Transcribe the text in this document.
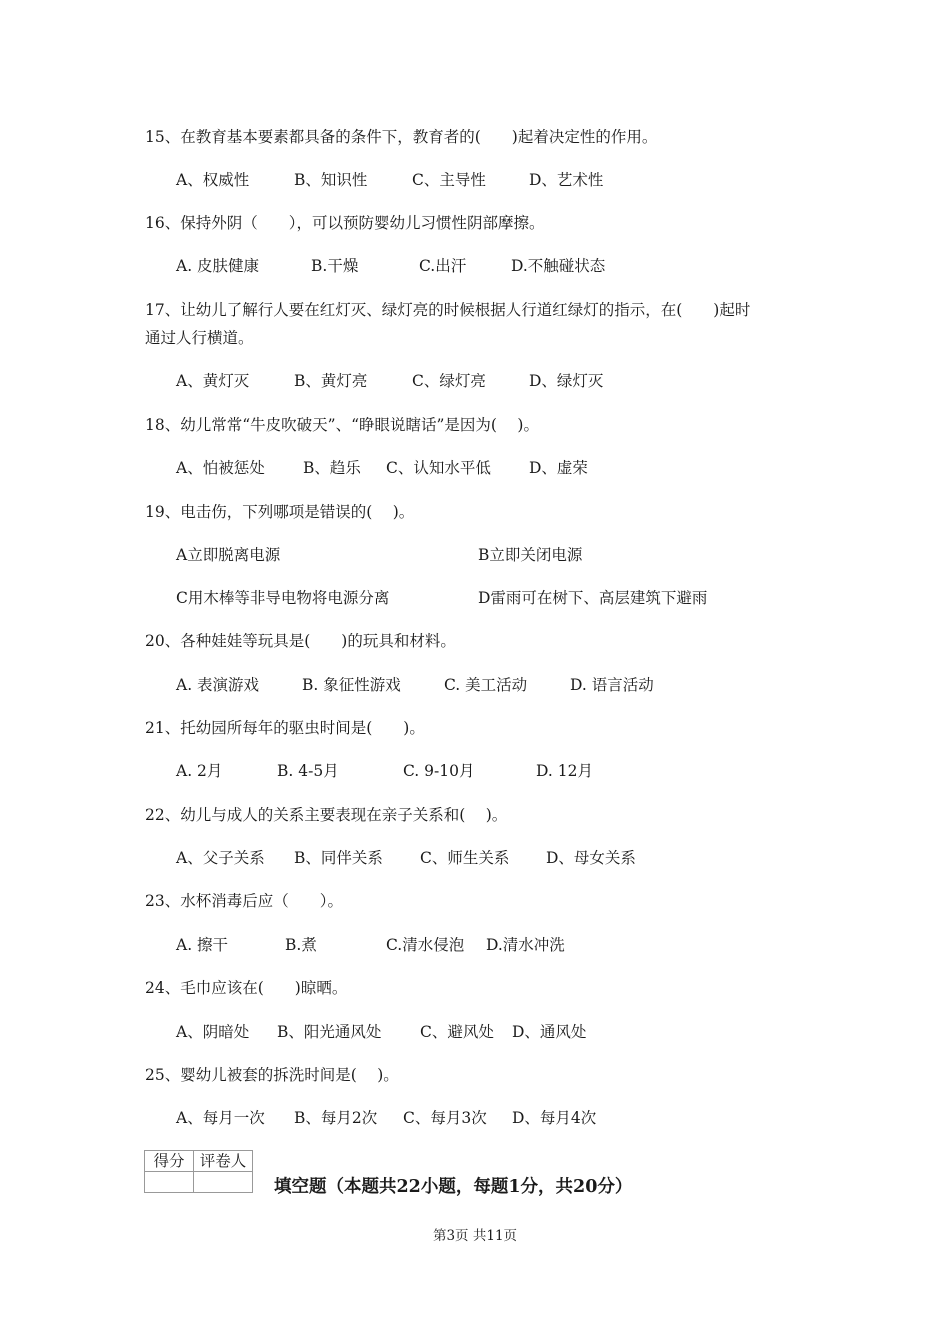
15、在教育基本要素都具备的条件下，教育者的(　　)起着决定性的作用。
A、权威性	B、知识性	C、主导性	D、艺术性
16、保持外阴（　　），可以预防婴幼儿习惯性阴部摩擦。
A. 皮肤健康	B.干燥	C.出汗	D.不触碰状态
17、让幼儿了解行人要在红灯灭、绿灯亮的时候根据人行道红绿灯的指示，在(　　)起时
通过人行横道。
A、黄灯灭	B、黄灯亮	C、绿灯亮	D、绿灯灭
18、幼儿常常“牛皮吹破天”、“睁眼说瞎话”是因为(　 )。
A、怕被惩处 B、趋乐 C、认知水平低 D、虚荣
19、电击伤，下列哪项是错误的(　 )。
A立即脱离电源	B立即关闭电源
C用木棒等非导电物将电源分离	D雷雨可在树下、高层建筑下避雨
20、各种娃娃等玩具是(　　)的玩具和材料。
A. 表演游戏	B. 象征性游戏	C. 美工活动	D. 语言活动
21、托幼园所每年的驱虫时间是(　　)。
A. 2月	B. 4-5月	C. 9-10月	D. 12月
22、幼儿与成人的关系主要表现在亲子关系和(　 )。
A、父子关系 B、同伴关系 C、师生关系 D、母女关系
23、水杯消毒后应（　　）。
A. 擦干	B.煮	C.清水侵泡 D.清水冲洗
24、毛巾应该在(　　)晾晒。
A、阴暗处 B、阳光通风处 C、避风处 D、通风处
25、婴幼儿被套的拆洗时间是(　 )。
A、每月一次 B、每月2次 C、每月3次 D、每月4次
得分	评卷人

填空题（本题共22小题，每题1分，共20分）
第3页 共11页
